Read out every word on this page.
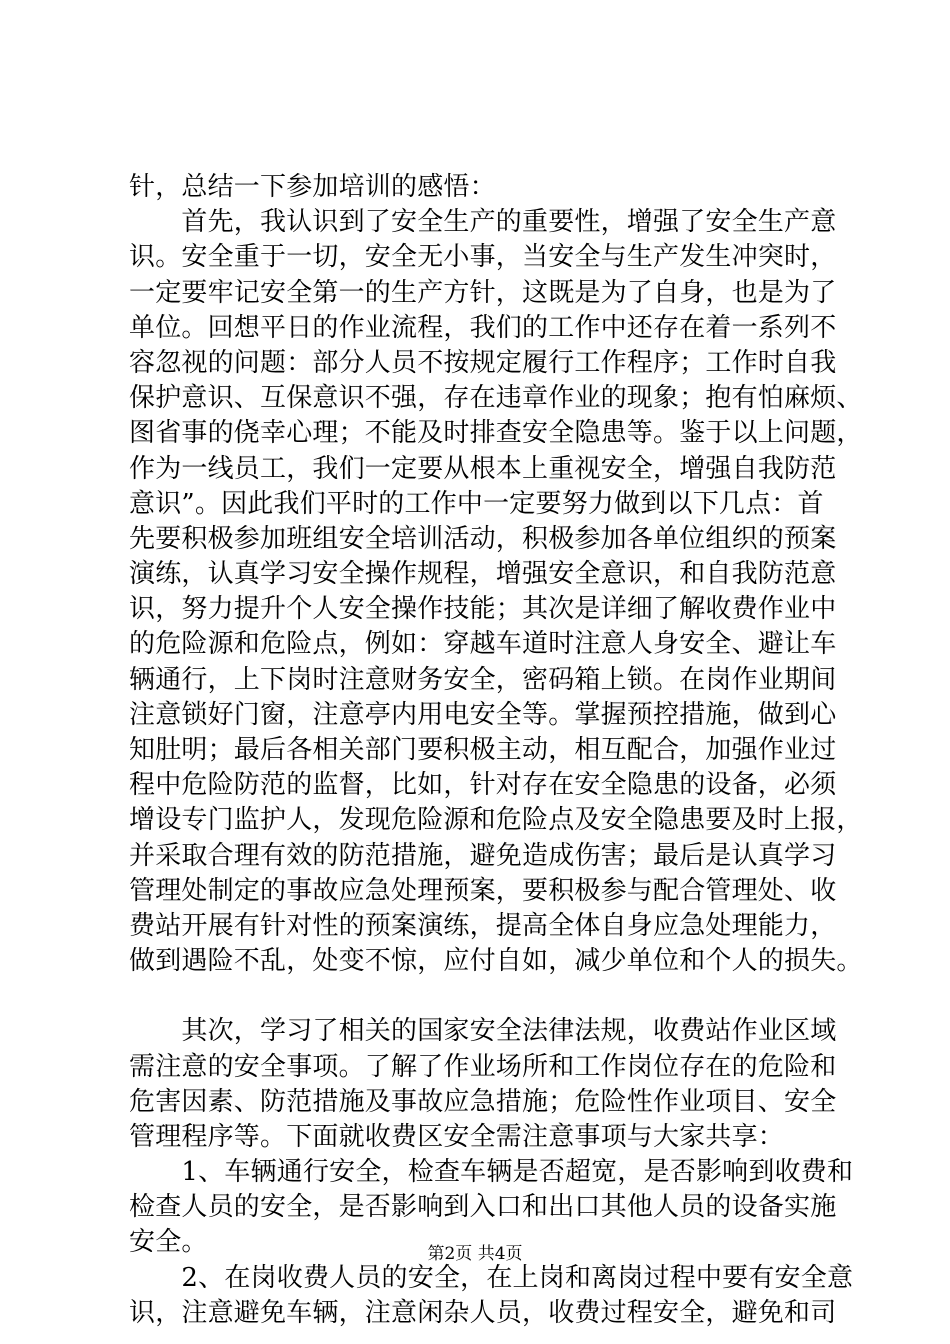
针，总结一下参加培训的感悟：
　　首先，我认识到了安全生产的重要性，增强了安全生产意
识。安全重于一切，安全无小事，当安全与生产发生冲突时，
一定要牢记安全第一的生产方针，这既是为了自身，也是为了
单位。回想平日的作业流程，我们的工作中还存在着一系列不
容忽视的问题：部分人员不按规定履行工作程序；工作时自我
保护意识、互保意识不强，存在违章作业的现象；抱有怕麻烦、
图省事的侥幸心理；不能及时排查安全隐患等。鉴于以上问题，
作为一线员工，我们一定要从根本上重视安全，增强自我防范
意识”。因此我们平时的工作中一定要努力做到以下几点：首
先要积极参加班组安全培训活动，积极参加各单位组织的预案
演练，认真学习安全操作规程，增强安全意识，和自我防范意
识，努力提升个人安全操作技能；其次是详细了解收费作业中
的危险源和危险点，例如：穿越车道时注意人身安全、避让车
辆通行，上下岗时注意财务安全，密码箱上锁。在岗作业期间
注意锁好门窗，注意亭内用电安全等。掌握预控措施，做到心
知肚明；最后各相关部门要积极主动，相互配合，加强作业过
程中危险防范的监督，比如，针对存在安全隐患的设备，必须
增设专门监护人，发现危险源和危险点及安全隐患要及时上报，
并采取合理有效的防范措施，避免造成伤害；最后是认真学习
管理处制定的事故应急处理预案，要积极参与配合管理处、收
费站开展有针对性的预案演练，提高全体自身应急处理能力，
做到遇险不乱，处变不惊，应付自如，减少单位和个人的损失。
　　其次，学习了相关的国家安全法律法规，收费站作业区域
需注意的安全事项。了解了作业场所和工作岗位存在的危险和
危害因素、防范措施及事故应急措施；危险性作业项目、安全
管理程序等。下面就收费区安全需注意事项与大家共享：
　　1、车辆通行安全，检查车辆是否超宽，是否影响到收费和
检查人员的安全，是否影响到入口和出口其他人员的设备实施
安全。
　　2、在岗收费人员的安全，在上岗和离岗过程中要有安全意
识，注意避免车辆，注意闲杂人员，收费过程安全，避免和司
第2页 共4页
